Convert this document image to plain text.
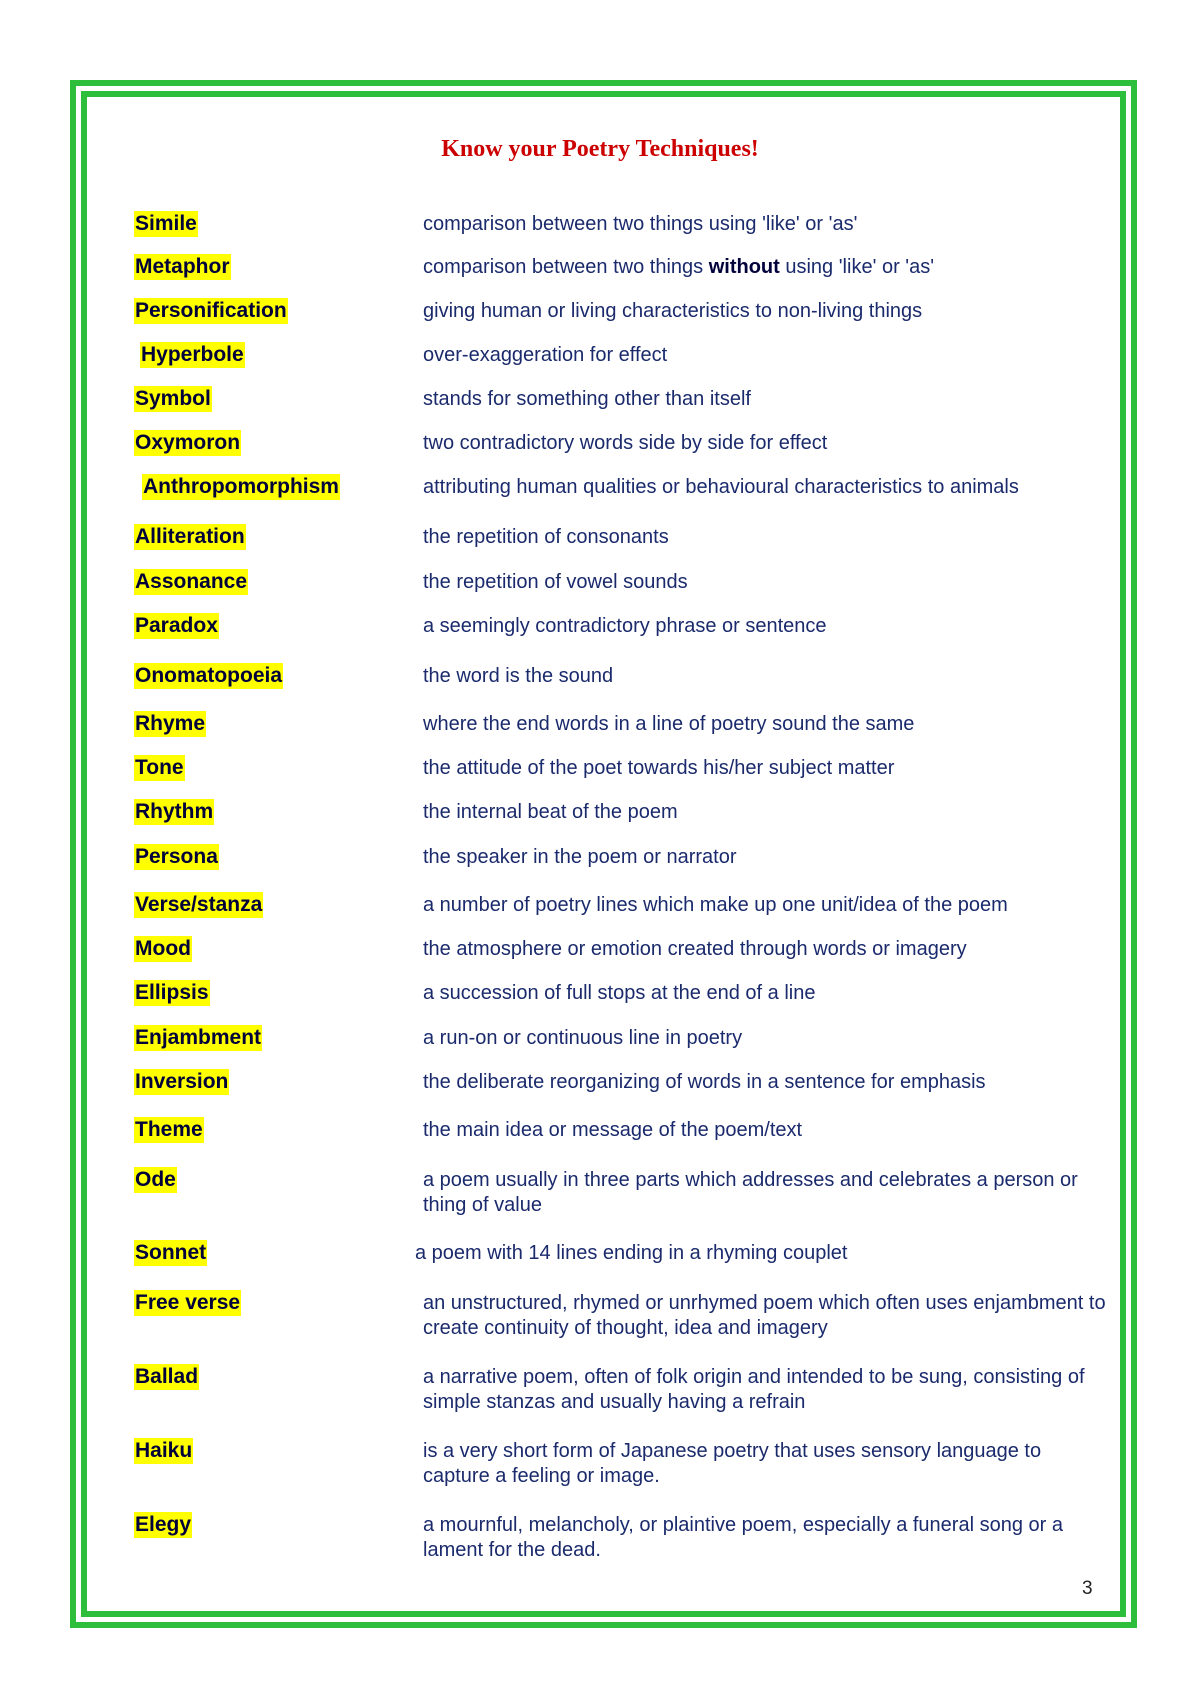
Know your Poetry Techniques!
Simile	comparison between two things using 'like' or 'as'
Metaphor	comparison between two things without using 'like' or 'as'
Personification	giving human or living characteristics to non-living things
Hyperbole	over-exaggeration for effect
Symbol	stands for something other than itself
Oxymoron	two contradictory words side by side for effect
Anthropomorphism	attributing human qualities or behavioural characteristics to animals
Alliteration	the repetition of consonants
Assonance	the repetition of vowel sounds
Paradox	a seemingly contradictory phrase or sentence
Onomatopoeia	the word is the sound
Rhyme	where the end words in a line of poetry sound the same
Tone	the attitude of the poet towards his/her subject matter
Rhythm	the internal beat of the poem
Persona	the speaker in the poem or narrator
Verse/stanza	a number of poetry lines which make up one unit/idea of the poem
Mood	the atmosphere or emotion created through words or imagery
Ellipsis	a succession of full stops at the end of a line
Enjambment	a run-on or continuous line in poetry
Inversion	the deliberate reorganizing of words in a sentence for emphasis
Theme	the main idea or message of the poem/text
Ode	a poem usually in three parts which addresses and celebrates a person or thing of value
Sonnet	a poem with 14 lines ending in a rhyming couplet
Free verse	an unstructured, rhymed or unrhymed poem which often uses enjambment to create continuity of thought, idea and imagery
Ballad	a narrative poem, often of folk origin and intended to be sung, consisting of simple stanzas and usually having a refrain
Haiku	is a very short form of Japanese poetry that uses sensory language to capture a feeling or image.
Elegy	a mournful, melancholy, or plaintive poem, especially a funeral song or a lament for the dead.
3
